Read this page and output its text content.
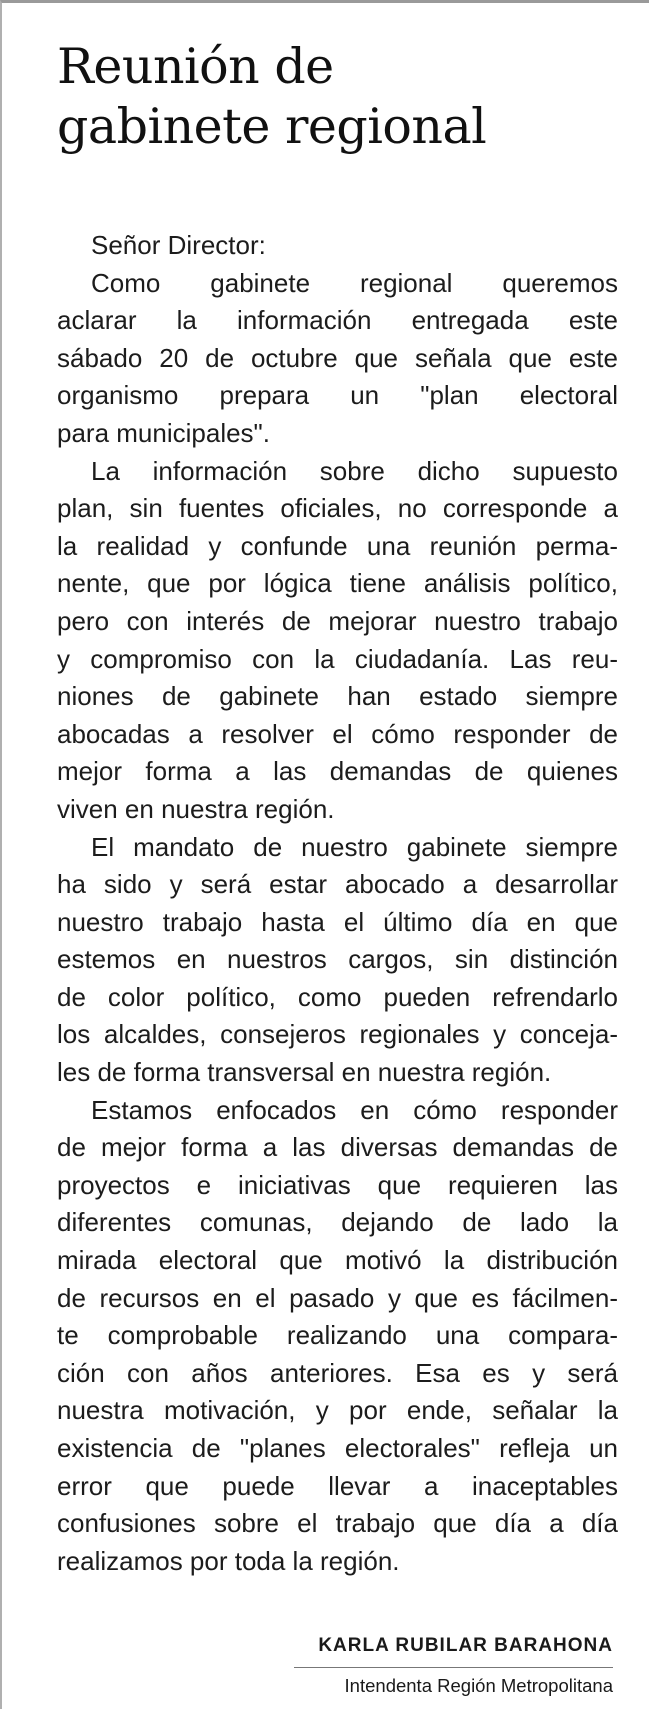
Reunión de
gabinete regional
Señor Director:
Como gabinete regional queremos
aclarar la información entregada este
sábado 20 de octubre que señala que este
organismo prepara un "plan electoral
para municipales".
La información sobre dicho supuesto
plan, sin fuentes oficiales, no corresponde a
la realidad y confunde una reunión perma-
nente, que por lógica tiene análisis político,
pero con interés de mejorar nuestro trabajo
y compromiso con la ciudadanía. Las reu-
niones de gabinete han estado siempre
abocadas a resolver el cómo responder de
mejor forma a las demandas de quienes
viven en nuestra región.
El mandato de nuestro gabinete siempre
ha sido y será estar abocado a desarrollar
nuestro trabajo hasta el último día en que
estemos en nuestros cargos, sin distinción
de color político, como pueden refrendarlo
los alcaldes, consejeros regionales y conceja-
les de forma transversal en nuestra región.
Estamos enfocados en cómo responder
de mejor forma a las diversas demandas de
proyectos e iniciativas que requieren las
diferentes comunas, dejando de lado la
mirada electoral que motivó la distribución
de recursos en el pasado y que es fácilmen-
te comprobable realizando una compara-
ción con años anteriores. Esa es y será
nuestra motivación, y por ende, señalar la
existencia de "planes electorales" refleja un
error que puede llevar a inaceptables
confusiones sobre el trabajo que día a día
realizamos por toda la región.
KARLA RUBILAR BARAHONA
Intendenta Región Metropolitana
